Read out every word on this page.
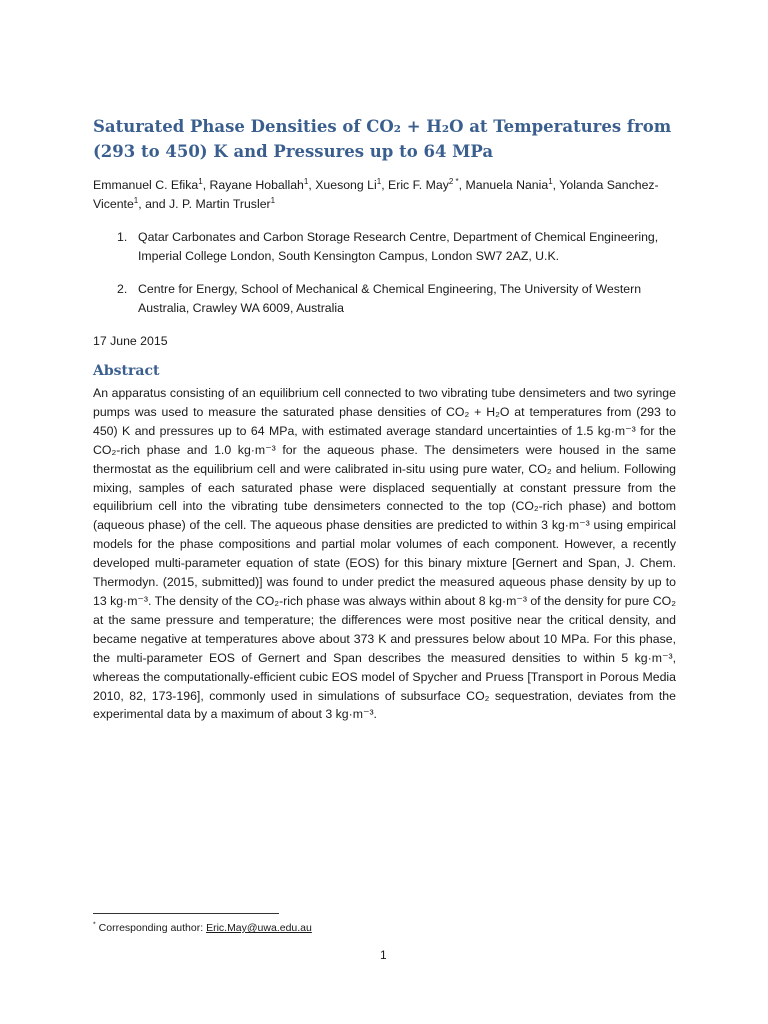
Saturated Phase Densities of CO₂ + H₂O at Temperatures from (293 to 450) K and Pressures up to 64 MPa

Emmanuel C. Efika$^1$, Rayane Hoballah$^1$, Xuesong Li$^1$, Eric F. May$^{2 *}$, Manuela Nania$^1$, Yolanda Sanchez-Vicente$^1$, and J. P. Martin Trusler$^1$

1. Qatar Carbonates and Carbon Storage Research Centre, Department of Chemical Engineering, Imperial College London, South Kensington Campus, London SW7 2AZ, U.K.
2. Centre for Energy, School of Mechanical & Chemical Engineering, The University of Western Australia, Crawley WA 6009, Australia
17 June 2015
Abstract

An apparatus consisting of an equilibrium cell connected to two vibrating tube densimeters and two syringe pumps was used to measure the saturated phase densities of CO₂ + H₂O at temperatures from (293 to 450) K and pressures up to 64 MPa, with estimated average standard uncertainties of 1.5 kg·m⁻³ for the CO₂-rich phase and 1.0 kg·m⁻³ for the aqueous phase. The densimeters were housed in the same thermostat as the equilibrium cell and were calibrated in-situ using pure water, CO₂ and helium. Following mixing, samples of each saturated phase were displaced sequentially at constant pressure from the equilibrium cell into the vibrating tube densimeters connected to the top (CO₂-rich phase) and bottom (aqueous phase) of the cell. The aqueous phase densities are predicted to within 3 kg·m⁻³ using empirical models for the phase compositions and partial molar volumes of each component. However, a recently developed multi-parameter equation of state (EOS) for this binary mixture [Gernert and Span, J. Chem. Thermodyn. (2015, submitted)] was found to under predict the measured aqueous phase density by up to 13 kg·m⁻³. The density of the CO₂-rich phase was always within about 8 kg·m⁻³ of the density for pure CO₂ at the same pressure and temperature; the differences were most positive near the critical density, and became negative at temperatures above about 373 K and pressures below about 10 MPa. For this phase, the multi-parameter EOS of Gernert and Span describes the measured densities to within 5 kg·m⁻³, whereas the computationally-efficient cubic EOS model of Spycher and Pruess [Transport in Porous Media 2010, 82, 173-196], commonly used in simulations of subsurface CO₂ sequestration, deviates from the experimental data by a maximum of about 3 kg·m⁻³.

* Corresponding author: Eric.May@uwa.edu.au
1
